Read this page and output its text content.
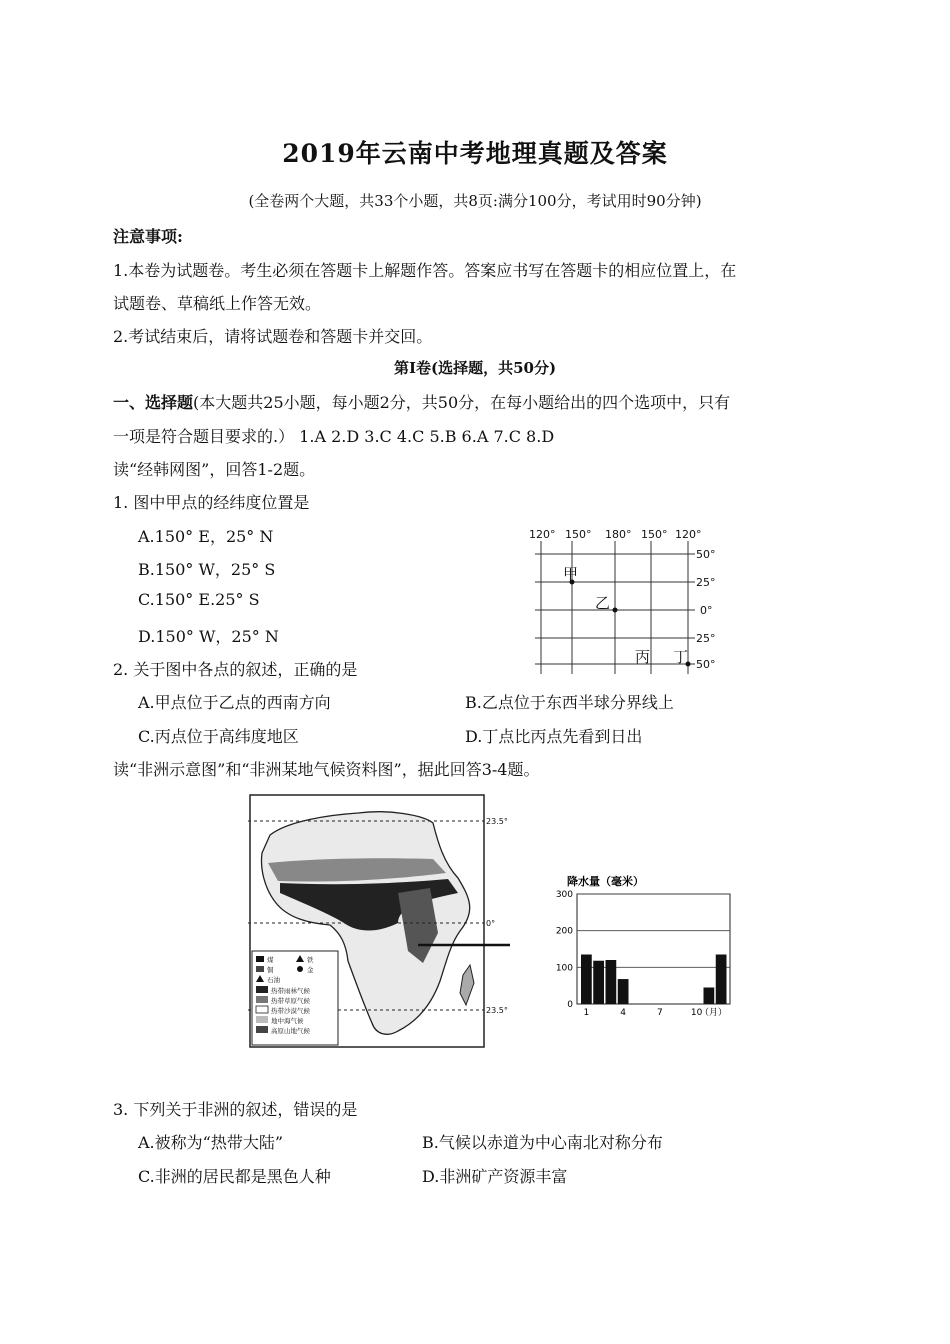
2019年云南中考地理真题及答案
(全卷两个大题，共33个小题，共8页:满分100分，考试用时90分钟)
注意事项:
1.本卷为试题卷。考生必须在答题卡上解题作答。答案应书写在答题卡的相应位置上，在
试题卷、草稿纸上作答无效。
2.考试结束后，请将试题卷和答题卡并交回。
第I卷(选择题，共50分)
一、选择题(本大题共25小题，每小题2分，共50分，在每小题给出的四个选项中，只有
一项是符合题目要求的.） 1.A 2.D 3.C 4.C 5.B 6.A 7.C 8.D
读“经韩网图”，回答1-2题。
1. 图中甲点的经纬度位置是
A.150° E，25° N
B.150° W，25° S
C.150° E.25° S
D.150° W，25° N
120° 150° 180° 150° 120°
50°
25°
0°
25°
50°
甲
乙
丙 丁
2. 关于图中各点的叙述，正确的是
A.甲点位于乙点的西南方向	B.乙点位于东西半球分界线上
C.丙点位于高纬度地区	D.丁点比丙点先看到日出
读“非洲示意图”和“非洲某地气候资料图”，据此回答3-4题。
23.5°
0°
23.5°
煤	铁
铜	金
石油
热带雨林气候
热带草原气候
热带沙漠气候
地中海气候
高原山地气候
降水量（毫米）
0
100
200
300
1	4	7	10
（月）
3. 下列关于非洲的叙述，错误的是
A.被称为“热带大陆”	B.气候以赤道为中心南北对称分布
C.非洲的居民都是黑色人种	D.非洲矿产资源丰富
